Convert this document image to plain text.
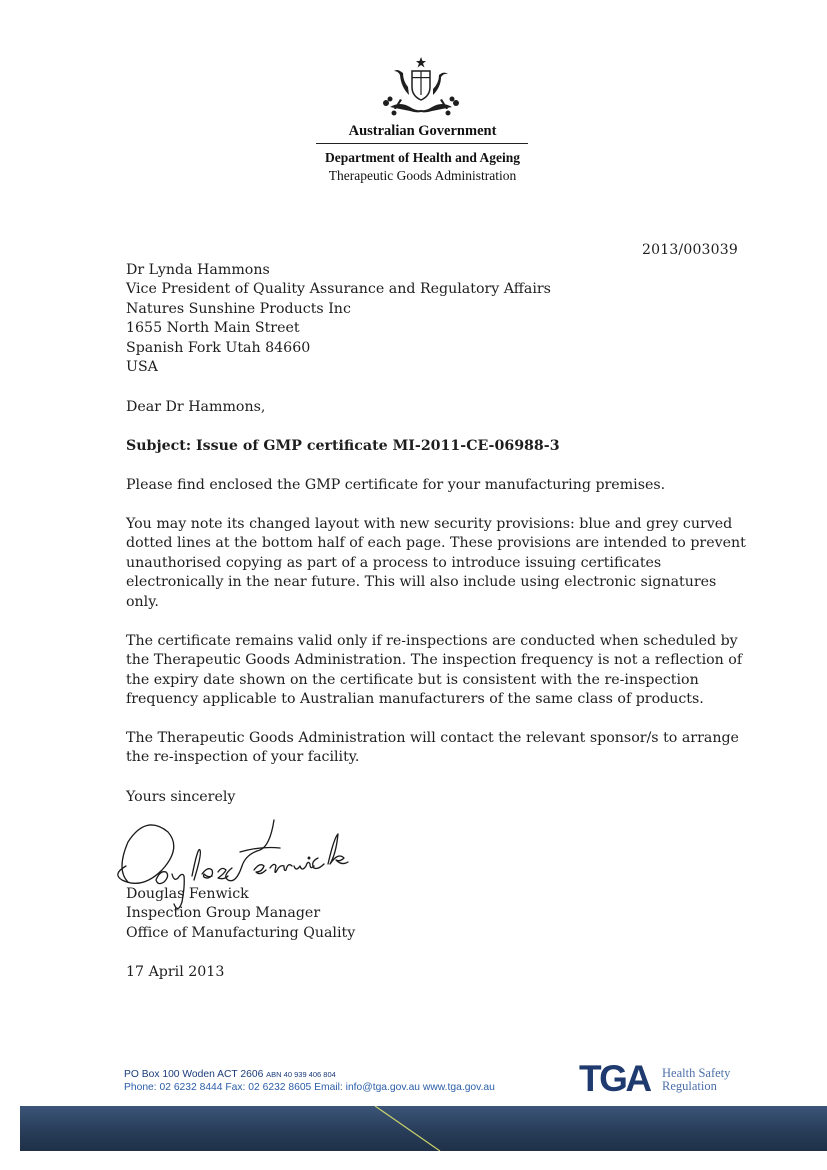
Australian Government
Department of Health and Ageing
Therapeutic Goods Administration
2013/003039
Dr Lynda Hammons
Vice President of Quality Assurance and Regulatory Affairs
Natures Sunshine Products Inc
1655 North Main Street
Spanish Fork Utah 84660
USA
Dear Dr Hammons,
Subject: Issue of GMP certificate MI-2011-CE-06988-3
Please find enclosed the GMP certificate for your manufacturing premises.
You may note its changed layout with new security provisions: blue and grey curved
dotted lines at the bottom half of each page. These provisions are intended to prevent
unauthorised copying as part of a process to introduce issuing certificates
electronically in the near future. This will also include using electronic signatures
only.
The certificate remains valid only if re-inspections are conducted when scheduled by
the Therapeutic Goods Administration. The inspection frequency is not a reflection of
the expiry date shown on the certificate but is consistent with the re-inspection
frequency applicable to Australian manufacturers of the same class of products.
The Therapeutic Goods Administration will contact the relevant sponsor/s to arrange
the re-inspection of your facility.
Yours sincerely
Douglas Fenwick
Inspection Group Manager
Office of Manufacturing Quality
17 April 2013
PO Box 100 Woden ACT 2606 ABN 40 939 406 804
Phone: 02 6232 8444 Fax: 02 6232 8605 Email: info@tga.gov.au www.tga.gov.au TGA Health Safety
Regulation
